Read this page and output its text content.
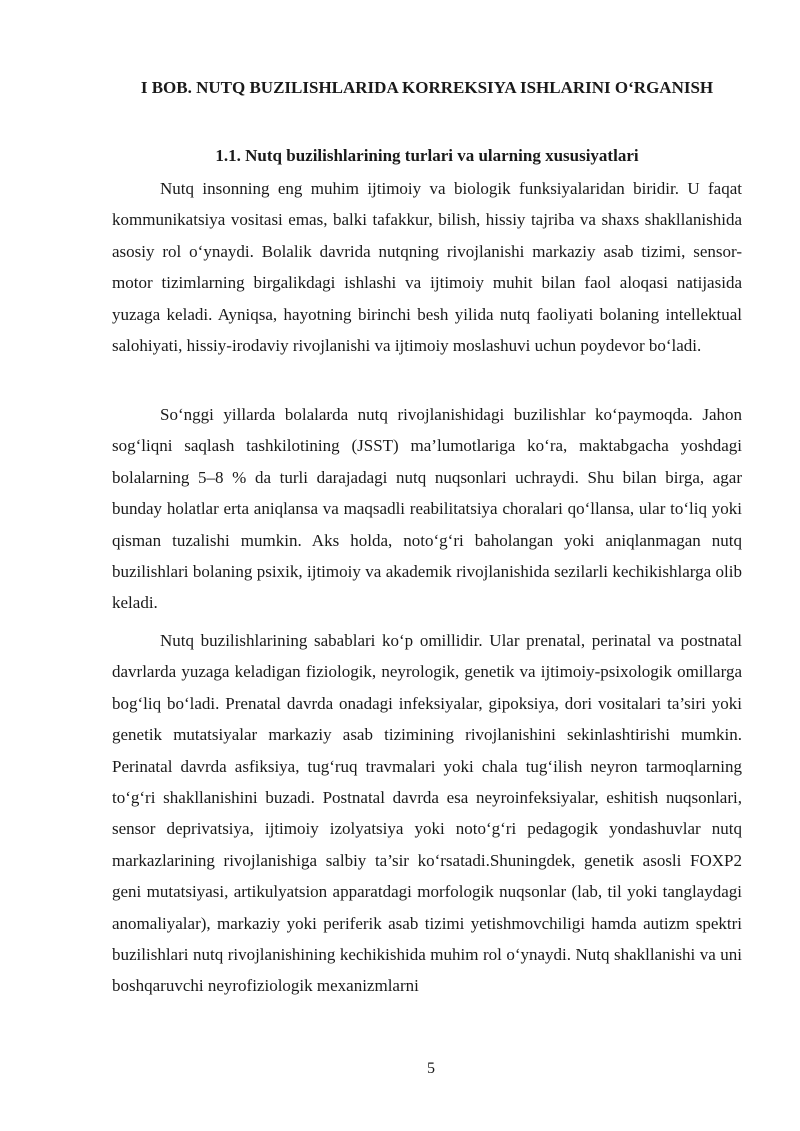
I BOB. NUTQ BUZILISHLARIDA KORREKSIYA ISHLARINI O‘RGANISH
1.1. Nutq buzilishlarining turlari va ularning xususiyatlari

Nutq insonning eng muhim ijtimoiy va biologik funksiyalaridan biridir. U faqat kommunikatsiya vositasi emas, balki tafakkur, bilish, hissiy tajriba va shaxs shakllanishida asosiy rol o‘ynaydi. Bolalik davrida nutqning rivojlanishi markaziy asab tizimi, sensor-motor tizimlarning birgalikdagi ishlashi va ijtimoiy muhit bilan faol aloqasi natijasida yuzaga keladi. Ayniqsa, hayotning birinchi besh yilida nutq faoliyati bolaning intellektual salohiyati, hissiy-irodaviy rivojlanishi va ijtimoiy moslashuvi uchun poydevor bo‘ladi.

So‘nggi yillarda bolalarda nutq rivojlanishidagi buzilishlar ko‘paymoqda. Jahon sog‘liqni saqlash tashkilotining (JSST) ma’lumotlariga ko‘ra, maktabgacha yoshdagi bolalarning 5–8 % da turli darajadagi nutq nuqsonlari uchraydi. Shu bilan birga, agar bunday holatlar erta aniqlansa va maqsadli reabilitatsiya choralari qo‘llansa, ular to‘liq yoki qisman tuzalishi mumkin. Aks holda, noto‘g‘ri baholangan yoki aniqlanmagan nutq buzilishlari bolaning psixik, ijtimoiy va akademik rivojlanishida sezilarli kechikishlarga olib keladi.

Nutq buzilishlarining sabablari ko‘p omillidir. Ular prenatal, perinatal va postnatal davrlarda yuzaga keladigan fiziologik, neyrologik, genetik va ijtimoiy-psixologik omillarga bog‘liq bo‘ladi. Prenatal davrda onadagi infeksiyalar, gipoksiya, dori vositalari ta’siri yoki genetik mutatsiyalar markaziy asab tizimining rivojlanishini sekinlashtirishi mumkin. Perinatal davrda asfiksiya, tug‘ruq travmalari yoki chala tug‘ilish neyron tarmoqlarning to‘g‘ri shakllanishini buzadi. Postnatal davrda esa neyroinfeksiyalar, eshitish nuqsonlari, sensor deprivatsiya, ijtimoiy izolyatsiya yoki noto‘g‘ri pedagogik yondashuvlar nutq markazlarining rivojlanishiga salbiy ta’sir ko‘rsatadi.Shuningdek, genetik asosli FOXP2 geni mutatsiyasi, artikulyatsion apparatdagi morfologik nuqsonlar (lab, til yoki tanglaydagi anomaliyalar), markaziy yoki periferik asab tizimi yetishmovchiligi hamda autizm spektri buzilishlari nutq rivojlanishining kechikishida muhim rol o‘ynaydi. Nutq shakllanishi va uni boshqaruvchi neyrofiziologik mexanizmlarni

5
